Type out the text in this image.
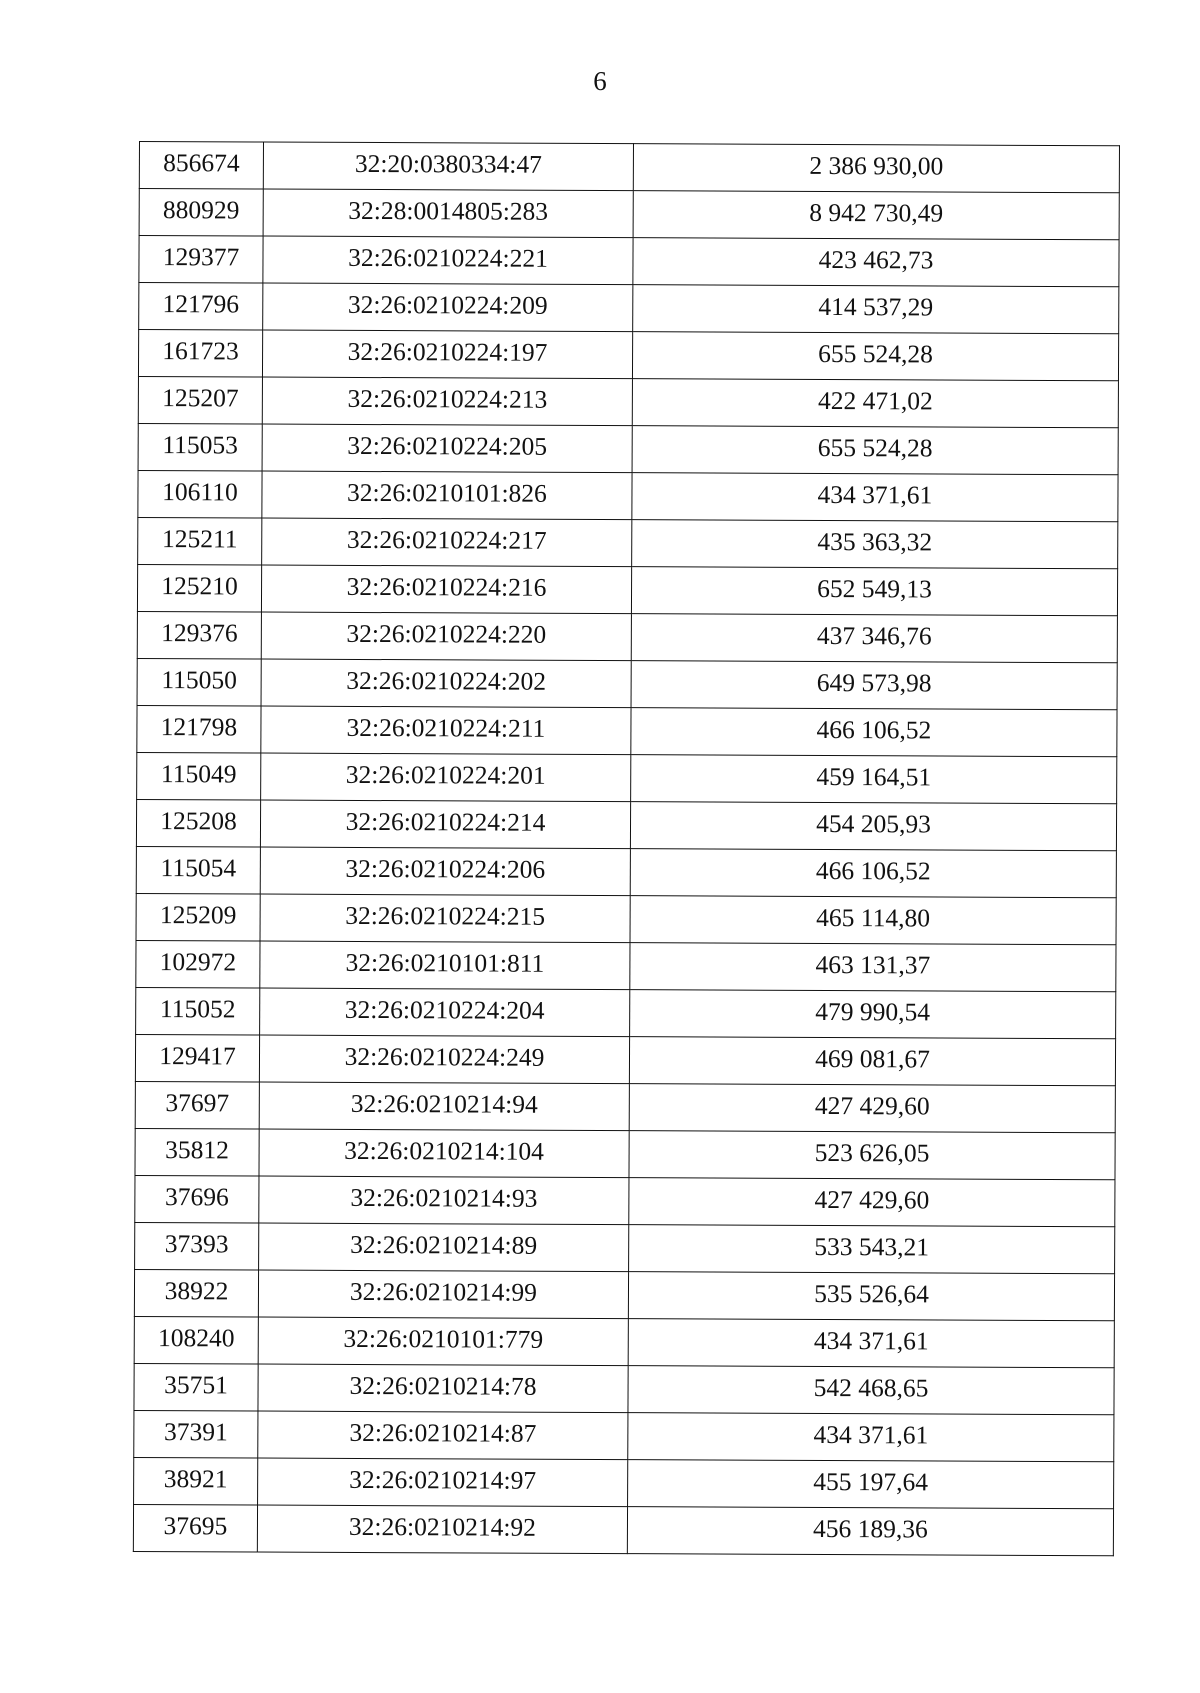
6
856674	32:20:0380334:47	2 386 930,00
880929	32:28:0014805:283	8 942 730,49
129377	32:26:0210224:221	423 462,73
121796	32:26:0210224:209	414 537,29
161723	32:26:0210224:197	655 524,28
125207	32:26:0210224:213	422 471,02
115053	32:26:0210224:205	655 524,28
106110	32:26:0210101:826	434 371,61
125211	32:26:0210224:217	435 363,32
125210	32:26:0210224:216	652 549,13
129376	32:26:0210224:220	437 346,76
115050	32:26:0210224:202	649 573,98
121798	32:26:0210224:211	466 106,52
115049	32:26:0210224:201	459 164,51
125208	32:26:0210224:214	454 205,93
115054	32:26:0210224:206	466 106,52
125209	32:26:0210224:215	465 114,80
102972	32:26:0210101:811	463 131,37
115052	32:26:0210224:204	479 990,54
129417	32:26:0210224:249	469 081,67
37697	32:26:0210214:94	427 429,60
35812	32:26:0210214:104	523 626,05
37696	32:26:0210214:93	427 429,60
37393	32:26:0210214:89	533 543,21
38922	32:26:0210214:99	535 526,64
108240	32:26:0210101:779	434 371,61
35751	32:26:0210214:78	542 468,65
37391	32:26:0210214:87	434 371,61
38921	32:26:0210214:97	455 197,64
37695	32:26:0210214:92	456 189,36
